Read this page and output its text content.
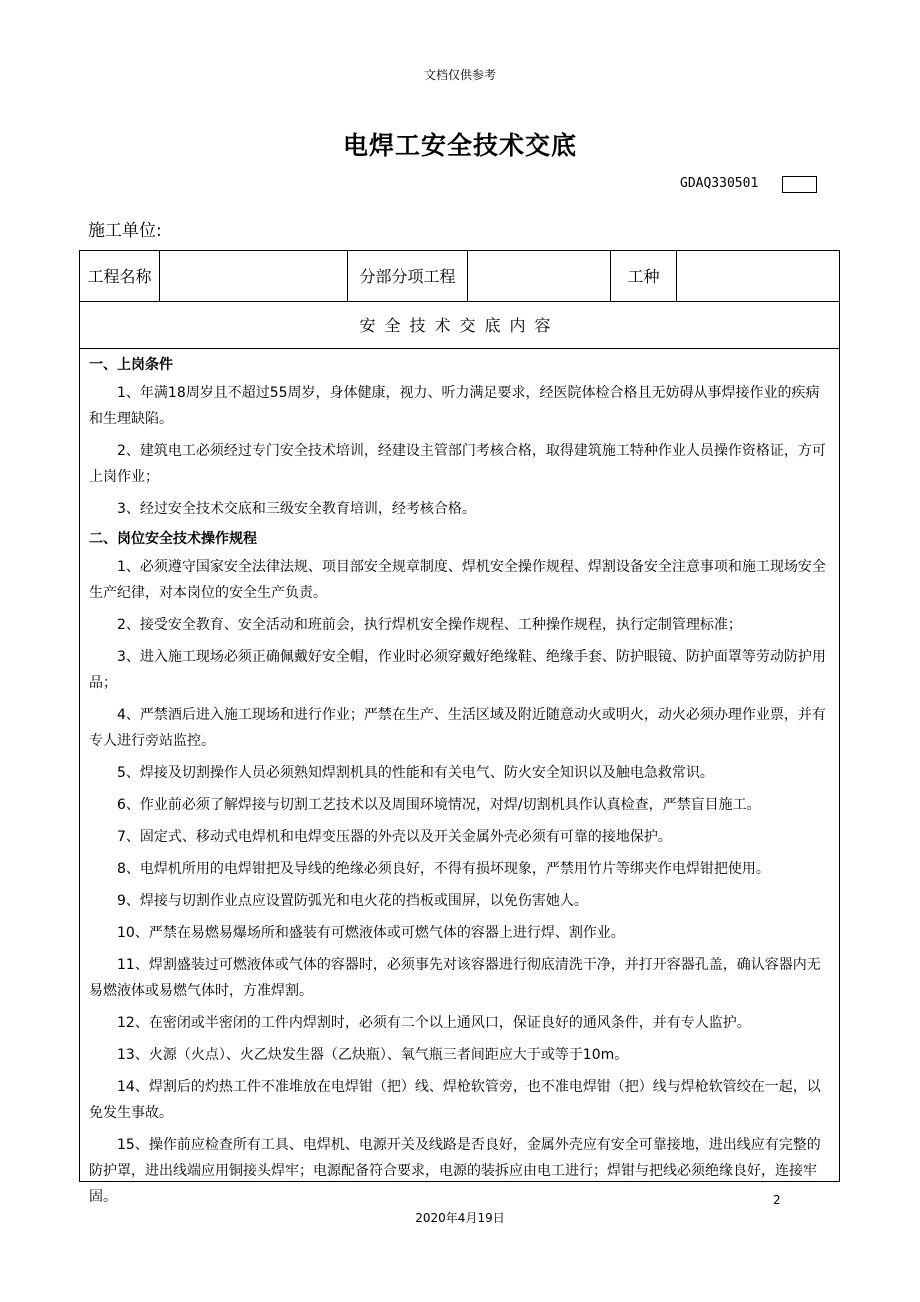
文档仅供参考
电焊工安全技术交底
GDAQ330501
施工单位:
工程名称	分部分项工程	工种
安全技术交底内容
一、上岗条件
1、年满18周岁且不超过55周岁，身体健康，视力、听力满足要求，经医院体检合格且无妨碍从事焊接作业的疾病和生理缺陷。
2、建筑电工必须经过专门安全技术培训，经建设主管部门考核合格，取得建筑施工特种作业人员操作资格证，方可上岗作业；
3、经过安全技术交底和三级安全教育培训，经考核合格。
二、岗位安全技术操作规程
1、必须遵守国家安全法律法规、项目部安全规章制度、焊机安全操作规程、焊割设备安全注意事项和施工现场安全生产纪律，对本岗位的安全生产负责。
2、接受安全教育、安全活动和班前会，执行焊机安全操作规程、工种操作规程，执行定制管理标准；
3、进入施工现场必须正确佩戴好安全帽，作业时必须穿戴好绝缘鞋、绝缘手套、防护眼镜、防护面罩等劳动防护用品；
4、严禁酒后进入施工现场和进行作业；严禁在生产、生活区域及附近随意动火或明火，动火必须办理作业票，并有专人进行旁站监控。
5、焊接及切割操作人员必须熟知焊割机具的性能和有关电气、防火安全知识以及触电急救常识。
6、作业前必须了解焊接与切割工艺技术以及周围环境情况，对焊/切割机具作认真检查，严禁盲目施工。
7、固定式、移动式电焊机和电焊变压器的外壳以及开关金属外壳必须有可靠的接地保护。
8、电焊机所用的电焊钳把及导线的绝缘必须良好，不得有损坏现象，严禁用竹片等绑夹作电焊钳把使用。
9、焊接与切割作业点应设置防弧光和电火花的挡板或围屏，以免伤害她人。
10、严禁在易燃易爆场所和盛装有可燃液体或可燃气体的容器上进行焊、割作业。
11、焊割盛装过可燃液体或气体的容器时，必须事先对该容器进行彻底清洗干净，并打开容器孔盖，确认容器内无易燃液体或易燃气体时，方准焊割。
12、在密闭或半密闭的工件内焊割时，必须有二个以上通风口，保证良好的通风条件，并有专人监护。
13、火源（火点）、火乙炔发生器（乙炔瓶）、氧气瓶三者间距应大于或等于10m。
14、焊割后的灼热工件不准堆放在电焊钳（把）线、焊枪软管旁，也不准电焊钳（把）线与焊枪软管绞在一起，以免发生事故。
15、操作前应检查所有工具、电焊机、电源开关及线路是否良好，金属外壳应有安全可靠接地，进出线应有完整的防护罩，进出线端应用铜接头焊牢；电源配备符合要求，电源的装拆应由电工进行；焊钳与把线必须绝缘良好，连接牢固。	2
2020年4月19日
